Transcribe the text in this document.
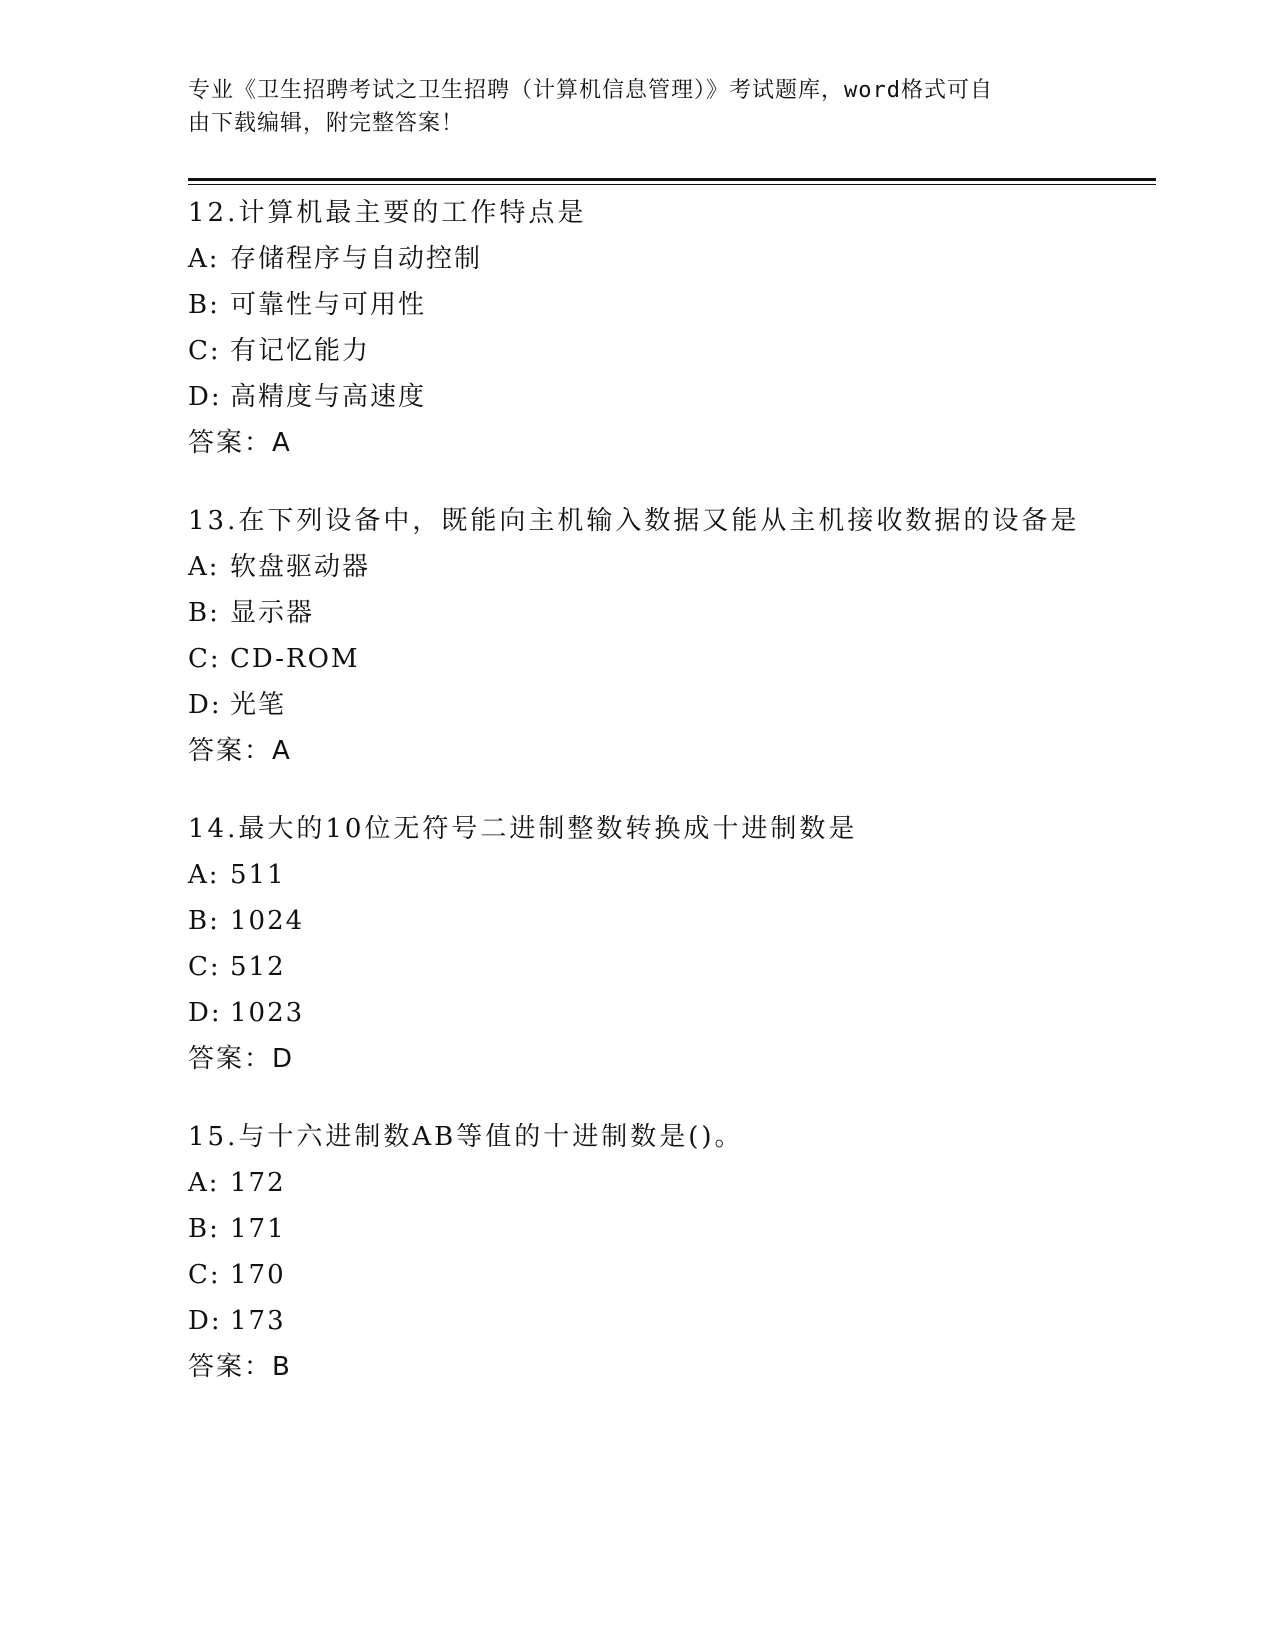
专业《卫生招聘考试之卫生招聘（计算机信息管理）》考试题库，word格式可自
由下载编辑，附完整答案！
12.计算机最主要的工作特点是
A: 存储程序与自动控制
B: 可靠性与可用性
C: 有记忆能力
D: 高精度与高速度
答案：A
13.在下列设备中，既能向主机输入数据又能从主机接收数据的设备是
A: 软盘驱动器
B: 显示器
C: CD-ROM
D: 光笔
答案：A
14.最大的10位无符号二进制整数转换成十进制数是
A: 511
B: 1024
C: 512
D: 1023
答案：D
15.与十六进制数AB等值的十进制数是()。
A: 172
B: 171
C: 170
D: 173
答案：B
